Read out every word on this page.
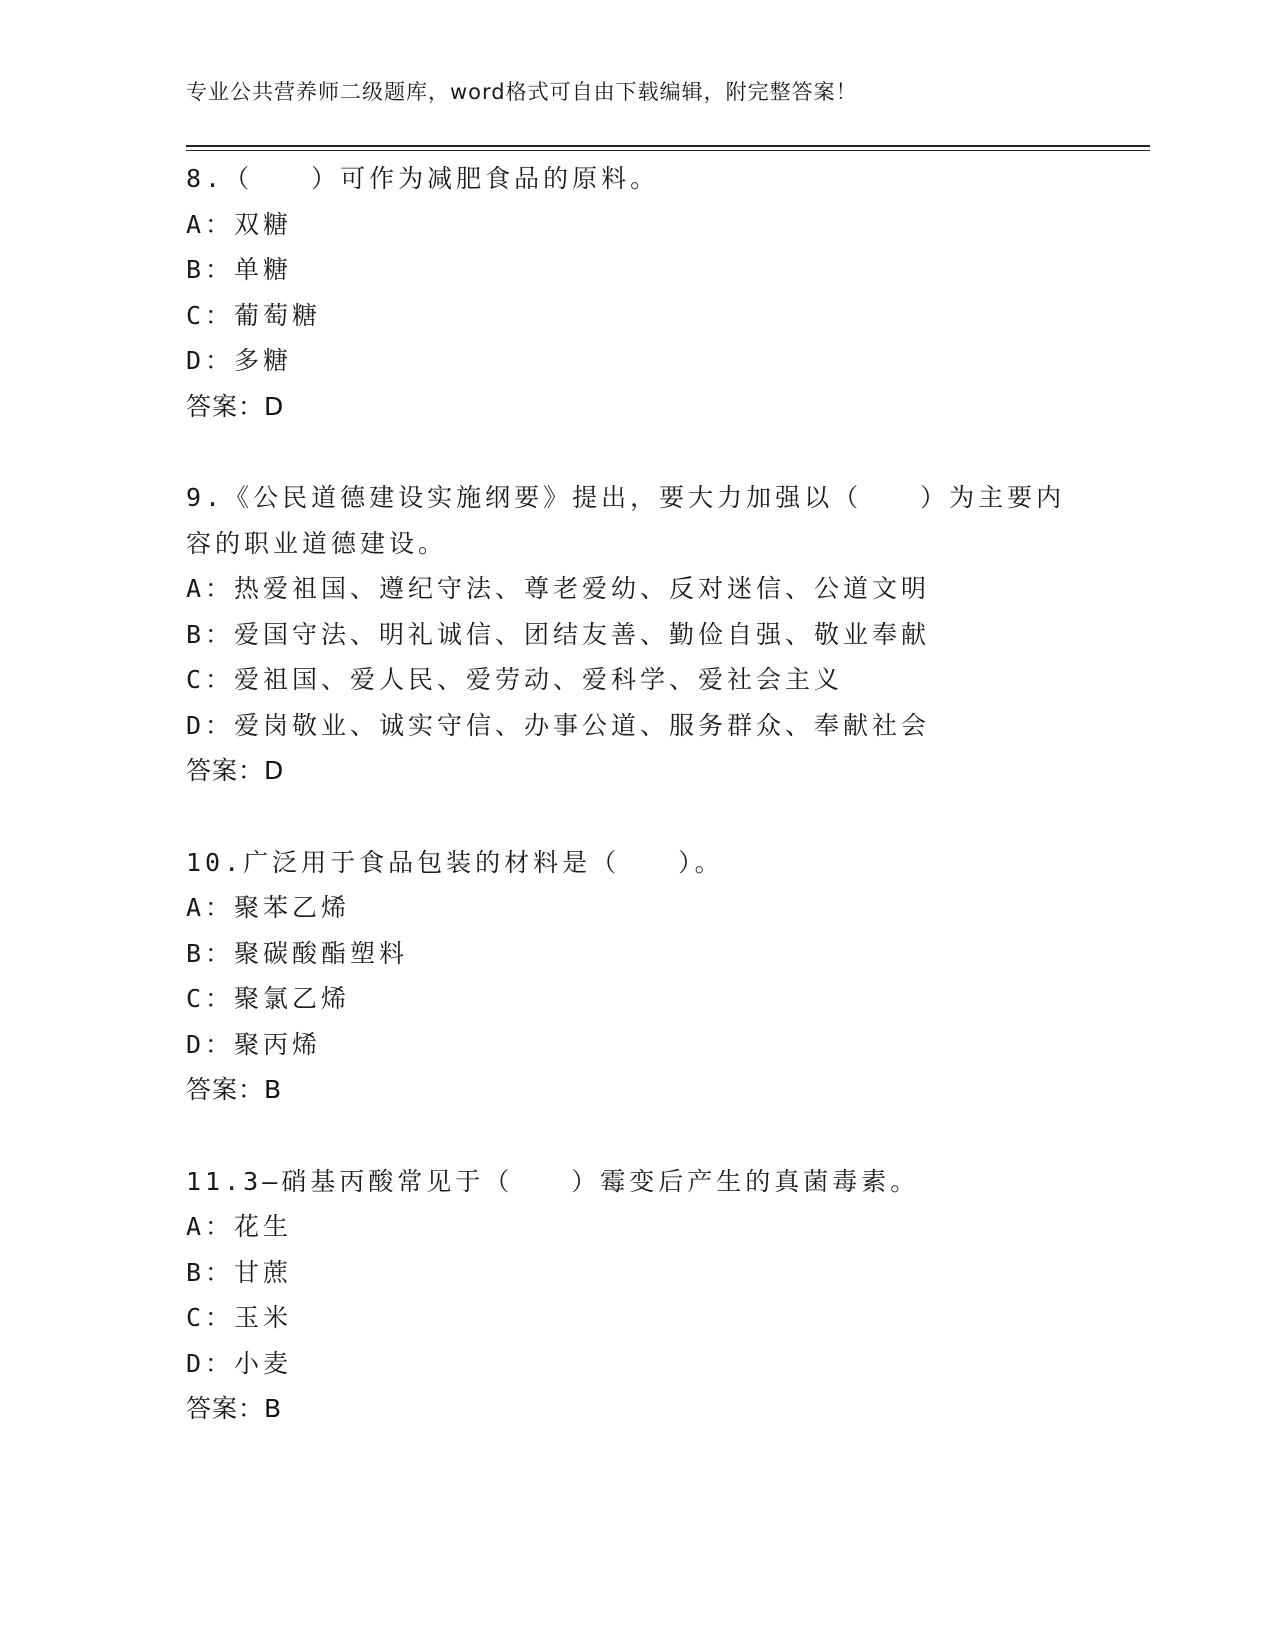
专业公共营养师二级题库，word格式可自由下载编辑，附完整答案！
8.（　　）可作为减肥食品的原料。
A：双糖
B：单糖
C：葡萄糖
D：多糖
答案：D
9.《公民道德建设实施纲要》提出，要大力加强以（　　）为主要内
容的职业道德建设。
A：热爱祖国、遵纪守法、尊老爱幼、反对迷信、公道文明
B：爱国守法、明礼诚信、团结友善、勤俭自强、敬业奉献
C：爱祖国、爱人民、爱劳动、爱科学、爱社会主义
D：爱岗敬业、诚实守信、办事公道、服务群众、奉献社会
答案：D
10.广泛用于食品包装的材料是（　　）。
A：聚苯乙烯
B：聚碳酸酯塑料
C：聚氯乙烯
D：聚丙烯
答案：B
11.3—硝基丙酸常见于（　　）霉变后产生的真菌毒素。
A：花生
B：甘蔗
C：玉米
D：小麦
答案：B
